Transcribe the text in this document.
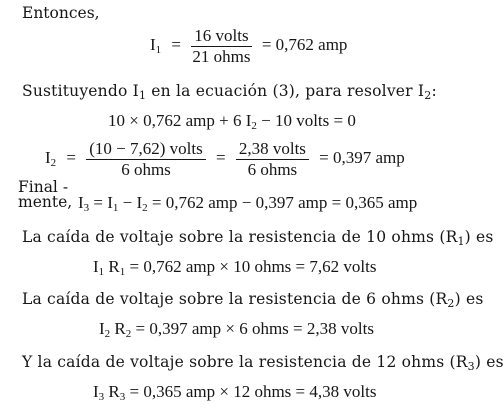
Entonces,
$I_1 = \frac{\text{16 volts}}{\text{21 ohms}} = 0,762$ amp
Sustituyendo $I_1$ en la ecuación (3), para resolver $I_2$:
10 × 0,762 amp + 6 $I_2 - 10$ volts = 0
$I_2 = \frac{\text{(10 − 7,62) volts}}{\text{6 ohms}} = \frac{\text{2,38 volts}}{\text{6 ohms}} = 0,397$ amp
Final -
mente, $I_3 = I_1 - I_2 = 0,762$ amp − 0,397 amp = 0,365 amp
La caída de voltaje sobre la resistencia de 10 ohms $(R_1)$ es
$I_1$ $R_1 = 0,762$ amp × 10 ohms = 7,62 volts
La caída de voltaje sobre la resistencia de 6 ohms $(R_2)$ es
$I_2$ $R_2 = 0,397$ amp × 6 ohms = 2,38 volts
Y la caída de voltaje sobre la resistencia de 12 ohms $(R_3)$ es
$I_3$ $R_3 = 0,365$ amp × 12 ohms = 4,38 volts
